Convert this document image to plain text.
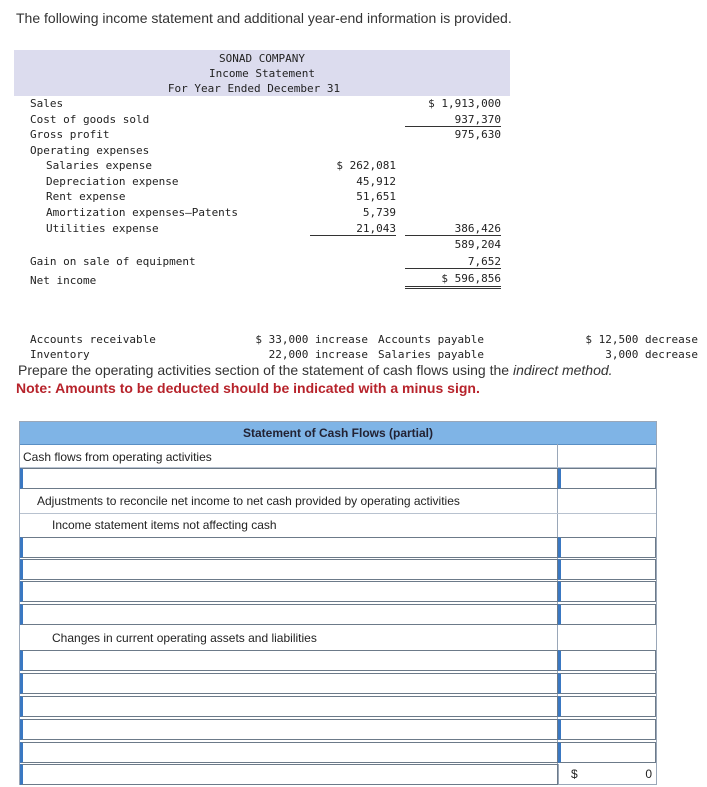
The following income statement and additional year-end information is provided.
SONAD COMPANY
Income Statement
For Year Ended December 31
Sales	$ 1,913,000
Cost of goods sold	937,370
Gross profit	975,630
Operating expenses
Salaries expense	$ 262,081
Depreciation expense	45,912
Rent expense	51,651
Amortization expenses—Patents	5,739
Utilities expense	21,043	386,426
589,204
Gain on sale of equipment	7,652
Net income	$ 596,856
Accounts receivable	$ 33,000 increase Accounts payable	$ 12,500 decrease
Inventory	22,000 increase Salaries payable	3,000 decrease
Prepare the operating activities section of the statement of cash flows using the indirect method.
Note: Amounts to be deducted should be indicated with a minus sign.
Statement of Cash Flows (partial)
Cash flows from operating activities
Adjustments to reconcile net income to net cash provided by operating activities
Income statement items not affecting cash
Changes in current operating assets and liabilities
$	0
